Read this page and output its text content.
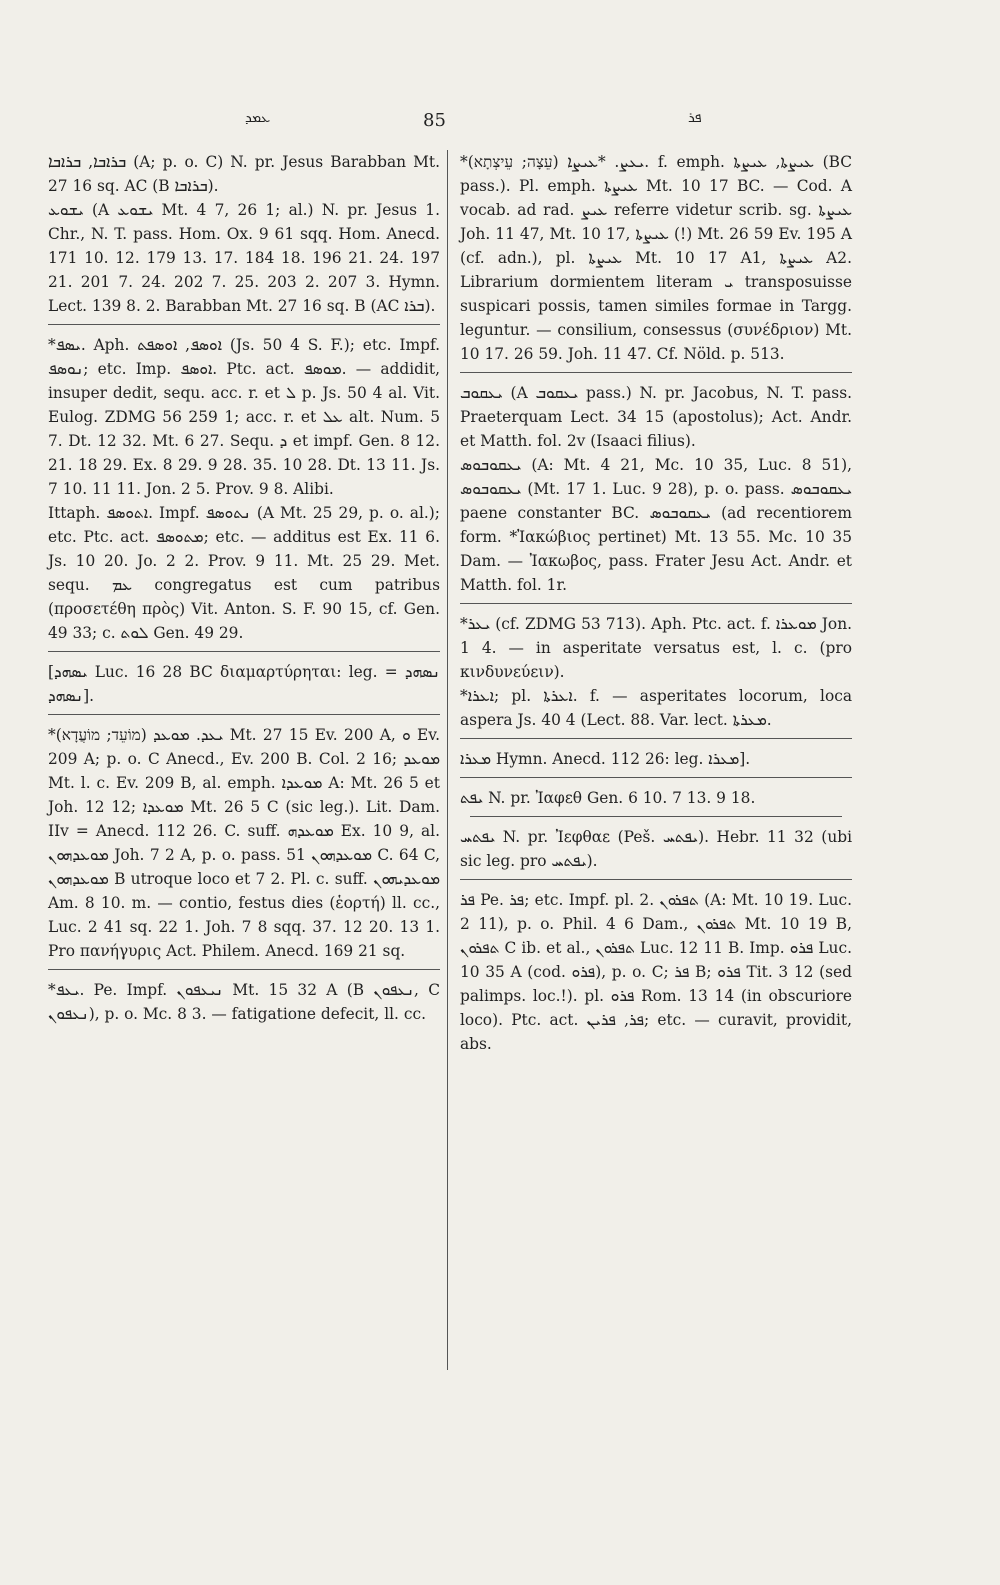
ܥܡܕ	85	ܦܪ

ܒܪܐܒܐ, ܒܪܐܒܐ (A; p. o. C) N. pr. Jesus Barabban Mt. 27 16 sq. AC (B ܒܪܐܒܐ).

ܝܫܘܥ (A ܝܫܘܥ Mt. 4 7, 26 1; al.) N. pr. Jesus 1. Chr., N. T. pass. Hom. Ox. 9 61 sqq. Hom. Anecd. 171 10. 12. 179 13. 17. 184 18. 196 21. 24. 197 21. 201 7. 24. 202 7. 25. 203 2. 207 3. Hymn. Lect. 139 8. 2. Barabban Mt. 27 16 sq. B (AC ܒܪܐ).

*ܝܣܦ. Aph. ܐܘܣܦ, ܐܘܣܦܬ (Js. 50 4 S. F.); etc. Impf. ܢܘܣܦ; etc. Imp. ܐܘܣܦ. Ptc. act. ܡܘܣܦ. — addidit, insuper dedit, sequ. acc. r. et ܠ p. Js. 50 4 al. Vit. Eulog. ZDMG 56 259 1; acc. r. et ܥܠ alt. Num. 5 7. Dt. 12 32. Mt. 6 27. Sequ. ܕ et impf. Gen. 8 12. 21. 18 29. Ex. 8 29. 9 28. 35. 10 28. Dt. 13 11. Js. 7 10. 11 11. Jon. 2 5. Prov. 9 8. Alibi.

Ittaph. ܐܬܘܣܦ. Impf. ܢܬܘܣܦ (A Mt. 25 29, p. o. al.); etc. Ptc. act. ܡܬܘܣܦ; etc. — additus est Ex. 11 6. Js. 10 20. Jo. 2 2. Prov. 9 11. Mt. 25 29. Met. sequ. ܥܡ congregatus est cum patribus (προσετέθη πρὸς) Vit. Anton. S. F. 90 15, cf. Gen. 49 33; c. ܠܘܬ Gen. 49 29.

[ܝܣܗܕ Luc. 16 28 BC διαμαρτύρηται: leg. ܢܣܗܕ = ܢܣܗܕ].

*ܝܥܕ. ܡܘܥܕ (מוֹעֵד; מוֹעֲדָא) Mt. 27 15 Ev. 200 A, ܘ Ev. 209 A; p. o. C Anecd., Ev. 200 B. Col. 2 16; ܡܘܥܕ Mt. l. c. Ev. 209 B, al. emph. ܡܘܥܕܐ A: Mt. 26 5 et Joh. 12 12; ܡܘܥܕܐ Mt. 26 5 C (sic leg.). Lit. Dam. IIv = Anecd. 112 26. C. suff. ܡܘܥܕܗ Ex. 10 9, al. ܡܘܥܕܗܘܢ Joh. 7 2 A, p. o. pass. ܡܘܥܕܗܘܢ 51 C. 64 C, ܡܘܥܕܗܘܢ B utroque loco et 7 2. Pl. c. suff. ܡܘܥܕܝܗܘܢ Am. 8 10. m. — contio, festus dies (ἑορτή) ll. cc., Luc. 2 41 sq. 22 1. Joh. 7 8 sqq. 37. 12 20. 13 1. Pro πανήγυρις Act. Philem. Anecd. 169 21 sq.

*ܝܥܦ. Pe. Impf. ܢܝܥܦܘܢ Mt. 15 32 A (B ܢܥܦܘܢ, C ܢܥܦܘܢ), p. o. Mc. 8 3. — fatigatione defecit, ll. cc.

*ܝܥܨ. *ܥܝܨܐ (עֵצָה; עֵיצְתָא). f. emph. ܥܝܨܬܐ, ܥܝܨܬܐ (BC pass.). Pl. emph. ܥܝܨܬܐ Mt. 10 17 BC. — Cod. A vocab. ad rad. ܥܝܨ referre videtur scrib. sg. ܥܝܨܬܐ Joh. 11 47, Mt. 10 17, ܥܝܨܬܐ (!) Mt. 26 59 Ev. 195 A (cf. adn.), pl. ܥܝܨܬܐ Mt. 10 17 A1, ܥܝܨܬܐ A2. Librarium dormientem literam ܝ transposuisse suspicari possis, tamen similes formae in Targg. leguntur. — consilium, consessus (συνέδριον) Mt. 10 17. 26 59. Joh. 11 47. Cf. Nöld. p. 513.

ܝܥܩܘܒ (A ܝܥܩܘܒ pass.) N. pr. Jacobus, N. T. pass. Praeterquam Lect. 34 15 (apostolus); Act. Andr. et Matth. fol. 2v (Isaaci filius).

ܝܥܩܘܒܘܣ (A: Mt. 4 21, Mc. 10 35, Luc. 8 51), ܝܥܩܘܒܘܣ (Mt. 17 1. Luc. 9 28), p. o. pass. ܝܥܩܘܒܘܣ paene constanter BC. ܝܥܩܘܒܘܣ (ad recentiorem form. *Ἰακώβιος pertinet) Mt. 13 55. Mc. 10 35 Dam. — Ἰακωβος, pass. Frater Jesu Act. Andr. et Matth. fol. 1r.

*ܝܥܪ (cf. ZDMG 53 713). Aph. Ptc. act. f. ܡܘܥܪܐ Jon. 1 4. — in asperitate versatus est, l. c. (pro κινδυνεύειν).

*ܐܥܪܐ; pl. ܐܥܪܬܐ. f. — asperitates locorum, loca aspera Js. 40 4 (Lect. 88. Var. lect. ܡܥܪܬܐ.

ܡܥܪܐ Hymn. Anecd. 112 26: leg. ܡܥܪܐ].

ܝܦܬ N. pr. Ἰαφεθ Gen. 6 10. 7 13. 9 18.

ܝܦܬܚ N. pr. Ἰεφθαε (Peš. ܝܦܬܚ). Hebr. 11 32 (ubi sic leg. pro ܝܦܬܚ).

ܦܪ Pe. ܦܪ; etc. Impf. pl. 2. ܬܦܪܘܢ (A: Mt. 10 19. Luc. 2 11), p. o. Phil. 4 6 Dam., ܬܦܪܘܢ Mt. 10 19 B, ܬܦܪܘܢ C ib. et al., ܬܦܪܘܢ Luc. 12 11 B. Imp. ܦܪܘ Luc. 10 35 A (cod. ܦܪܘ), p. o. C; ܦܪ B; ܦܪܘ Tit. 3 12 (sed palimps. loc.!). pl. ܦܪܘ Rom. 13 14 (in obscuriore loco). Ptc. act. ܦܪ, ܦܪܝܢ; etc. — curavit, providit, abs.
